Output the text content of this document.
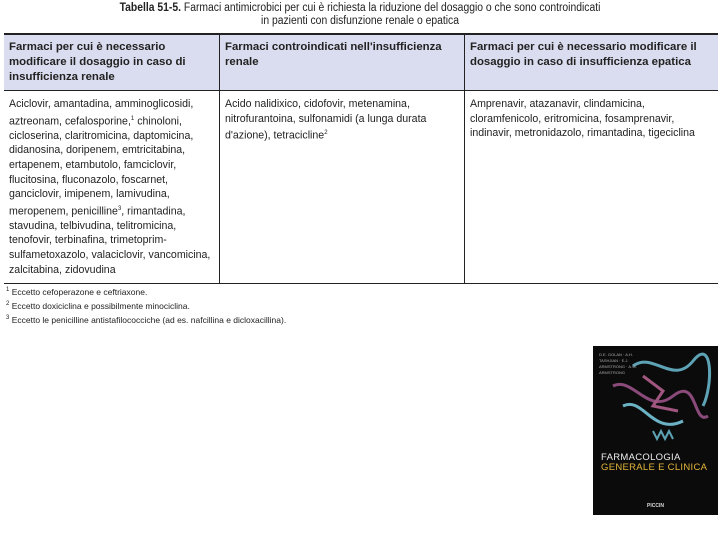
Tabella 51-5. Farmaci antimicrobici per cui è richiesta la riduzione del dosaggio o che sono controindicati
in pazienti con disfunzione renale o epatica
Farmaci per cui è necessario modificare il dosaggio in caso di insufficienza renale	Farmaci controindicati nell'insufficienza renale	Farmaci per cui è necessario modificare il dosaggio in caso di insufficienza epatica
Aciclovir, amantadina, amminoglicosidi, aztreonam, cefalosporine,$^1$ chinoloni, cicloserina, claritromicina, daptomicina, didanosina, doripenem, emtricitabina, ertapenem, etambutolo, famciclovir, flucitosina, fluconazolo, foscarnet, ganciclovir, imipenem, lamivudina, meropenem, penicilline$^3$, rimantadina, stavudina, telbivudina, telitromicina, tenofovir, terbinafina, trimetoprim-sulfametoxazolo, valaciclovir, vancomicina, zalcitabina, zidovudina	Acido nalidixico, cidofovir, metenamina, nitrofurantoina, sulfonamidi (a lunga durata d'azione), tetracicline$^2$	Amprenavir, atazanavir, clindamicina, cloramfenicolo, eritromicina, fosamprenavir, indinavir, metronidazolo, rimantadina, tigeciclina
$^1$ Eccetto cefoperazone e ceftriaxone.
$^2$ Eccetto doxiciclina e possibilmente minociclina.
$^3$ Eccetto le penicilline antistafilococciche (ad es. nafcillina e dicloxacillina).
D.E. GOLAN · A.H. TASHJIAN · E.J. ARMSTRONG · A.W. ARMSTRONG
FARMACOLOGIA
GENERALE E CLINICA
PICCIN
